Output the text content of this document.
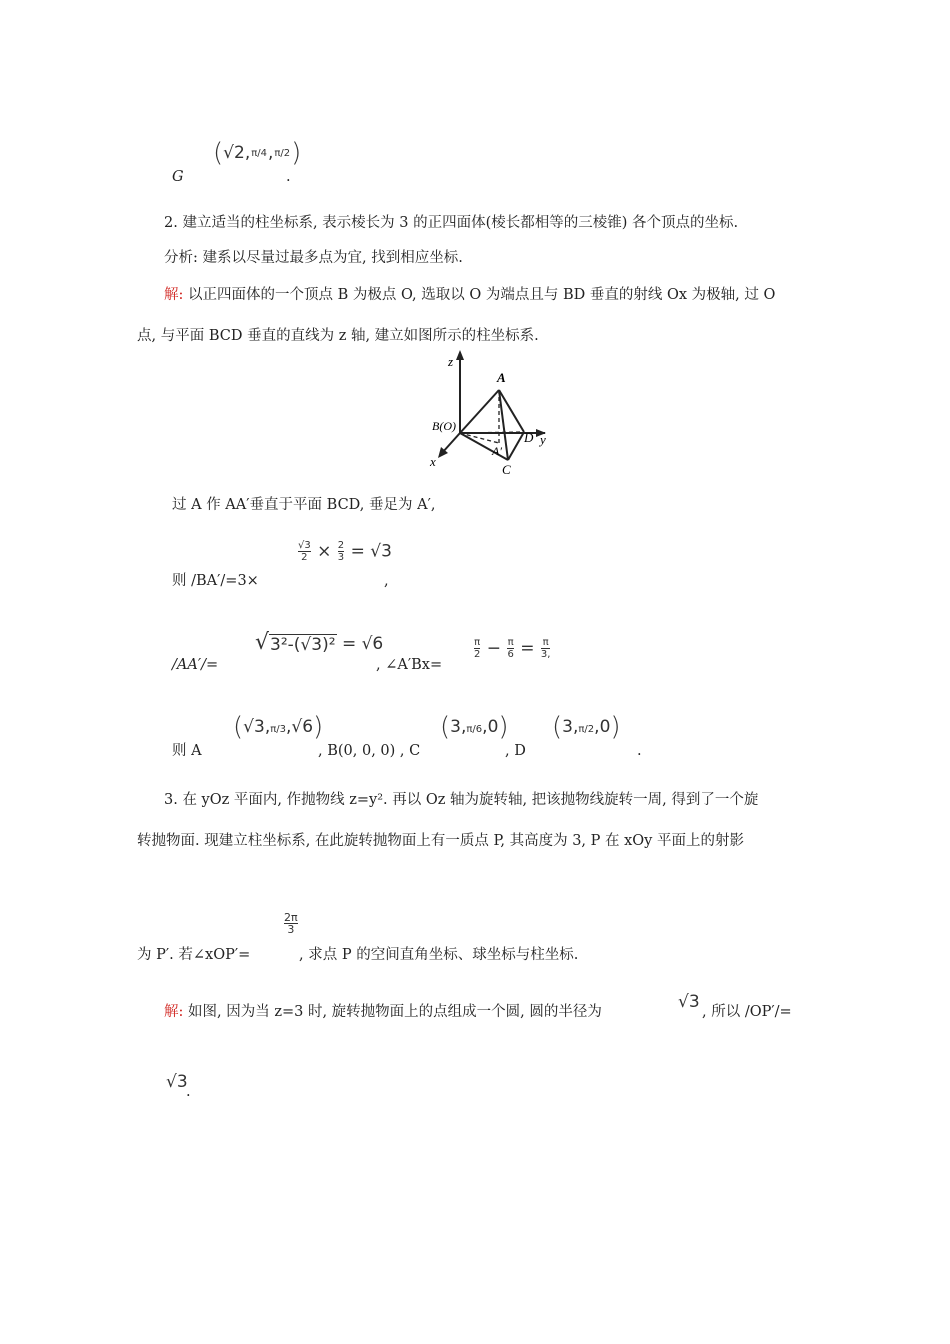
G
(√2, π/4 , π/2 )
.
2. 建立适当的柱坐标系, 表示棱长为 3 的正四面体(棱长都相等的三棱锥) 各个顶点的坐标.
分析: 建系以尽量过最多点为宜, 找到相应坐标.
解: 以正四面体的一个顶点 B 为极点 O, 选取以 O 为端点且与 BD 垂直的射线 Ox 为极轴, 过 O
点, 与平面 BCD 垂直的直线为 z 轴, 建立如图所示的柱坐标系.
z
A
B(O)
D y
A′
C
x
过 A 作 AA′垂直于平面 BCD, 垂足为 A′,
则 /BA′/=3×
$\frac{√3}{2} \times \frac{2}{3} = √3$
,
/AA′/=
√ 3²-(√3)² = √6
, ∠A′Bx=
$\frac{\pi}{2} - \frac{\pi}{6} = \frac{\pi}{3,}$
则 A
(√3,π/3,√6)
, B(0, 0, 0) , C
(3,π/6,0)
, D
(3,π/2,0)
.
3. 在 yOz 平面内, 作抛物线 z=y². 再以 Oz 轴为旋转轴, 把该抛物线旋转一周, 得到了一个旋
转抛物面. 现建立柱坐标系, 在此旋转抛物面上有一质点 P, 其高度为 3, P 在 xOy 平面上的射影
为 P′. 若∠xOP′=
$\frac{2\pi}{3}$
, 求点 P 的空间直角坐标、球坐标与柱坐标.
解: 如图, 因为当 z=3 时, 旋转抛物面上的点组成一个圆, 圆的半径为	√3 , 所以 /OP′/=
√3
.
